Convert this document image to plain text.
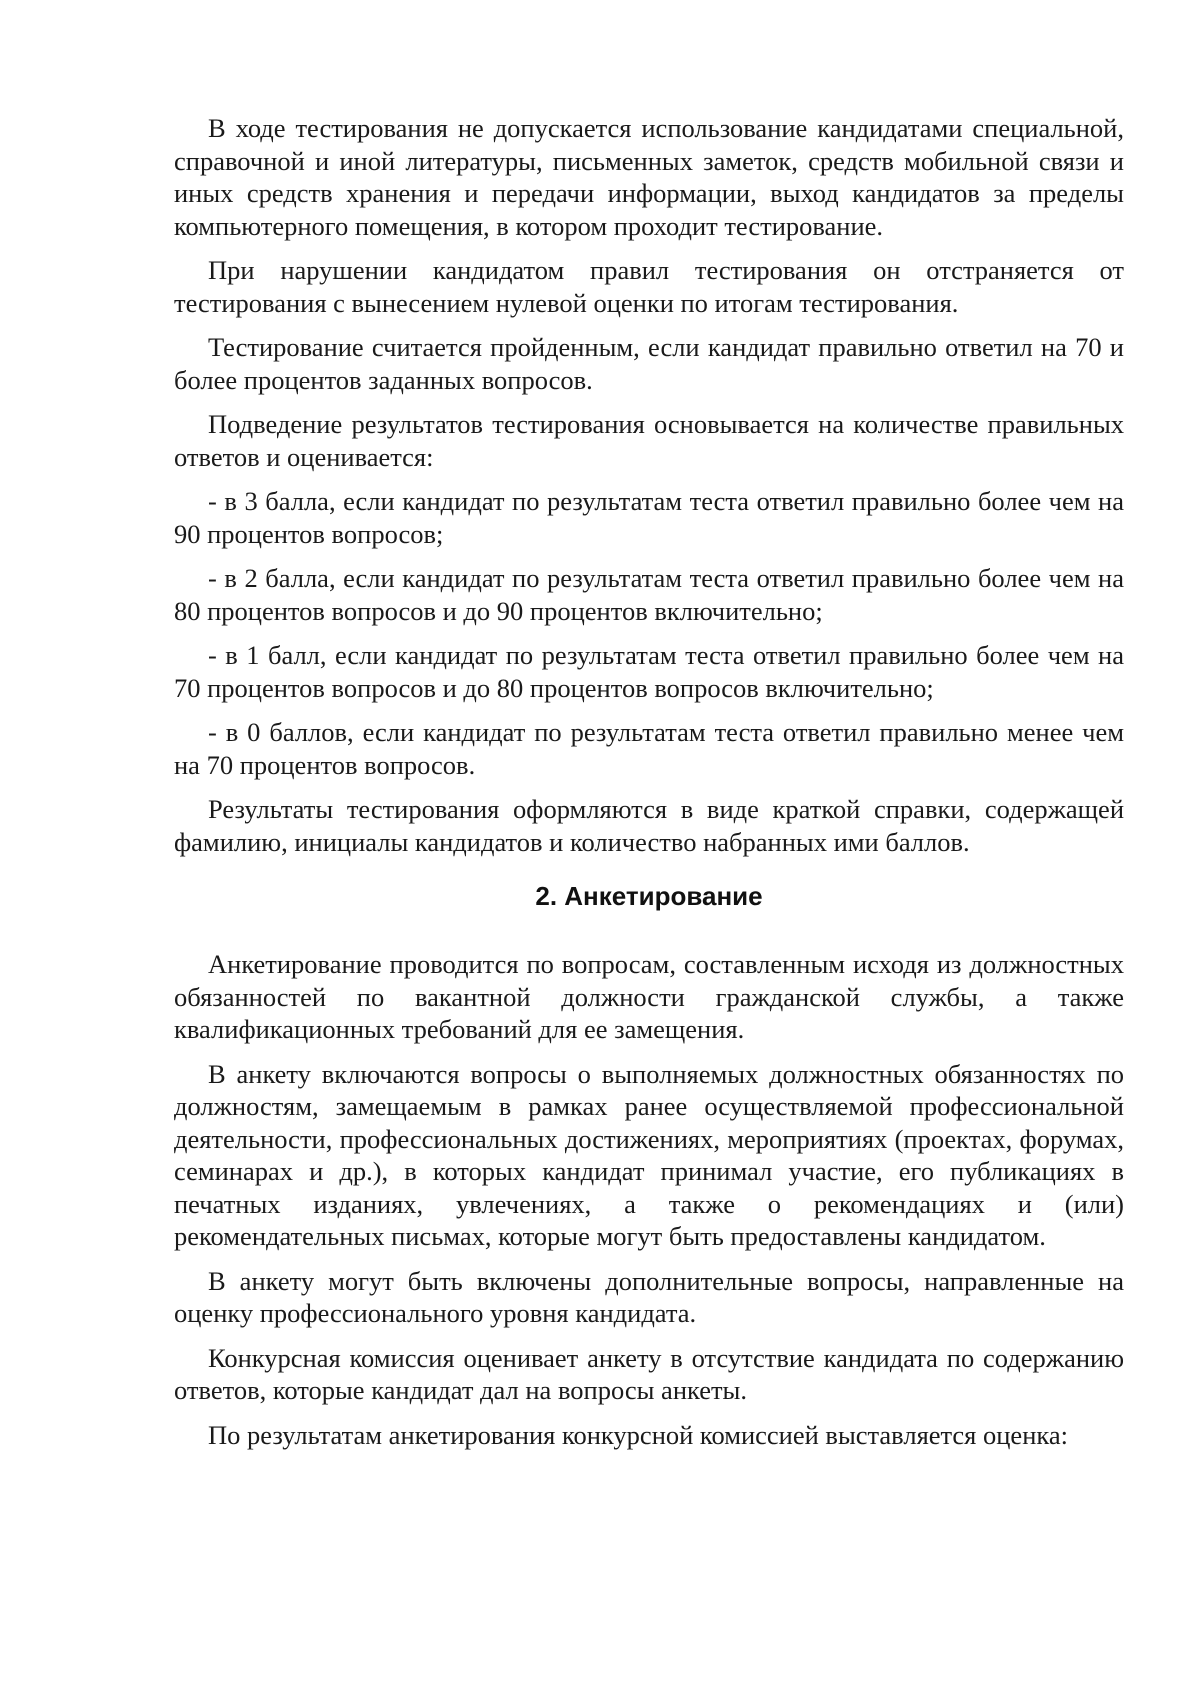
В ходе тестирования не допускается использование кандидатами специальной, справочной и иной литературы, письменных заметок, средств мобильной связи и иных средств хранения и передачи информации, выход кандидатов за пределы компьютерного помещения, в котором проходит тестирование.

При нарушении кандидатом правил тестирования он отстраняется от тестирования с вынесением нулевой оценки по итогам тестирования.

Тестирование считается пройденным, если кандидат правильно ответил на 70 и более процентов заданных вопросов.

Подведение результатов тестирования основывается на количестве правильных ответов и оценивается:

- в 3 балла, если кандидат по результатам теста ответил правильно более чем на 90 процентов вопросов;

- в 2 балла, если кандидат по результатам теста ответил правильно более чем на 80 процентов вопросов и до 90 процентов включительно;

- в 1 балл, если кандидат по результатам теста ответил правильно более чем на 70 процентов вопросов и до 80 процентов вопросов включительно;

- в 0 баллов, если кандидат по результатам теста ответил правильно менее чем на 70 процентов вопросов.

Результаты тестирования оформляются в виде краткой справки, содержащей фамилию, инициалы кандидатов и количество набранных ими баллов.

2. Анкетирование

Анкетирование проводится по вопросам, составленным исходя из должностных обязанностей по вакантной должности гражданской службы, а также квалификационных требований для ее замещения.

В анкету включаются вопросы о выполняемых должностных обязанностях по должностям, замещаемым в рамках ранее осуществляемой профессиональной деятельности, профессиональных достижениях, мероприятиях (проектах, форумах, семинарах и др.), в которых кандидат принимал участие, его публикациях в печатных изданиях, увлечениях, а также о рекомендациях и (или) рекомендательных письмах, которые могут быть предоставлены кандидатом.

В анкету могут быть включены дополнительные вопросы, направленные на оценку профессионального уровня кандидата.

Конкурсная комиссия оценивает анкету в отсутствие кандидата по содержанию ответов, которые кандидат дал на вопросы анкеты.

По результатам анкетирования конкурсной комиссией выставляется оценка:
